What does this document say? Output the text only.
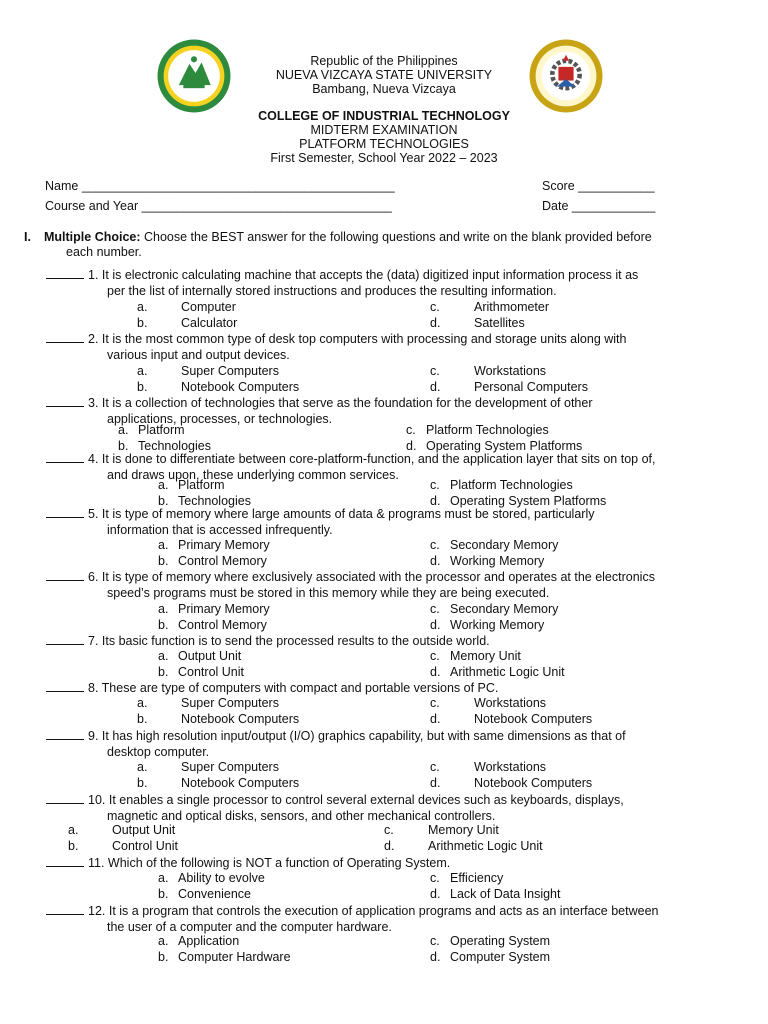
Republic of the Philippines
NUEVA VIZCAYA STATE UNIVERSITY
Bambang, Nueva Vizcaya
COLLEGE OF INDUSTRIAL TECHNOLOGY
MIDTERM EXAMINATION
PLATFORM TECHNOLOGIES
First Semester, School Year 2022 – 2023
Name _____________________________________________	Score ___________
Course and Year ____________________________________	Date ____________
I. Multiple Choice: Choose the BEST answer for the following questions and write on the blank provided before
each number.
1. It is electronic calculating machine that accepts the (data) digitized input information process it as
per the list of internally stored instructions and produces the resulting information.
a.	Computer
b.	Calculator
c.	Arithmometer
d.	Satellites
2. It is the most common type of desk top computers with processing and storage units along with
various input and output devices.
a.	Super Computers
b.	Notebook Computers
c.	Workstations
d.	Personal Computers
3. It is a collection of technologies that serve as the foundation for the development of other
applications, processes, or technologies.
a. Platform
b. Technologies
c. Platform Technologies
d. Operating System Platforms
4. It is done to differentiate between core-platform-function, and the application layer that sits on top of,
and draws upon, these underlying common services.
a. Platform
b. Technologies
c. Platform Technologies
d. Operating System Platforms
5. It is type of memory where large amounts of data & programs must be stored, particularly
information that is accessed infrequently.
a. Primary Memory
b. Control Memory
c. Secondary Memory
d. Working Memory
6. It is type of memory where exclusively associated with the processor and operates at the electronics
speed’s programs must be stored in this memory while they are being executed.
a. Primary Memory
b. Control Memory
c. Secondary Memory
d. Working Memory
7. Its basic function is to send the processed results to the outside world.
a. Output Unit
b. Control Unit
c. Memory Unit
d. Arithmetic Logic Unit
8. These are type of computers with compact and portable versions of PC.
a.	Super Computers
b.	Notebook Computers
c.	Workstations
d.	Notebook Computers
9. It has high resolution input/output (I/O) graphics capability, but with same dimensions as that of
desktop computer.
a.	Super Computers
b.	Notebook Computers
c.	Workstations
d.	Notebook Computers
10. It enables a single processor to control several external devices such as keyboards, displays,
magnetic and optical disks, sensors, and other mechanical controllers.
a.	Output Unit
b.	Control Unit
c.	Memory Unit
d.	Arithmetic Logic Unit
11. Which of the following is NOT a function of Operating System.
a. Ability to evolve
b. Convenience
c. Efficiency
d. Lack of Data Insight
12. It is a program that controls the execution of application programs and acts as an interface between
the user of a computer and the computer hardware.
a. Application
b. Computer Hardware
c. Operating System
d. Computer System
